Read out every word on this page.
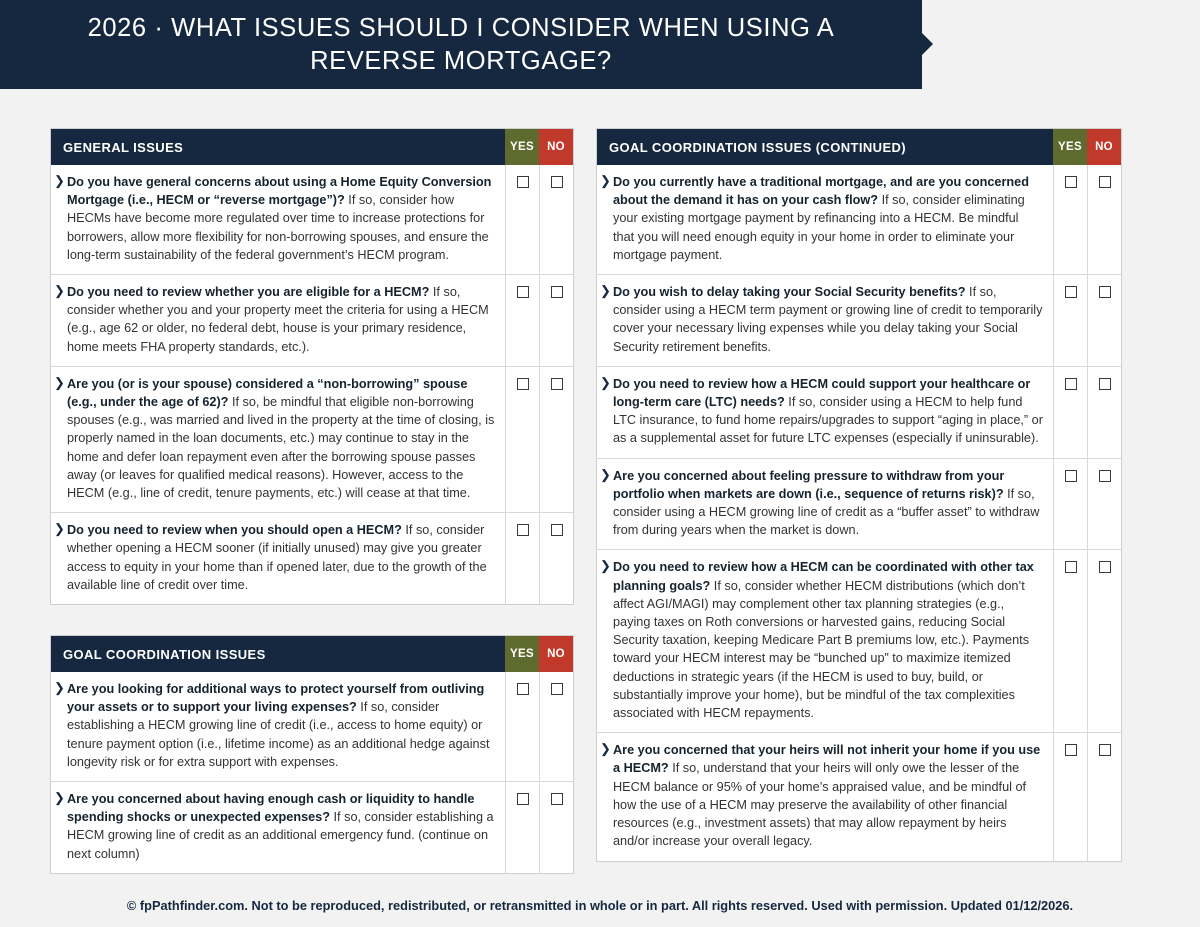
2026 · WHAT ISSUES SHOULD I CONSIDER WHEN USING A REVERSE MORTGAGE?
GENERAL ISSUES	YES	NO
❯ Do you have general concerns about using a Home Equity Conversion Mortgage (i.e., HECM or “reverse mortgage”)? If so, consider how HECMs have become more regulated over time to increase protections for borrowers, allow more flexibility for non-borrowing spouses, and ensure the long-term sustainability of the federal government’s HECM program.
❯ Do you need to review whether you are eligible for a HECM? If so, consider whether you and your property meet the criteria for using a HECM (e.g., age 62 or older, no federal debt, house is your primary residence, home meets FHA property standards, etc.).
❯ Are you (or is your spouse) considered a “non-borrowing” spouse (e.g., under the age of 62)? If so, be mindful that eligible non-borrowing spouses (e.g., was married and lived in the property at the time of closing, is properly named in the loan documents, etc.) may continue to stay in the home and defer loan repayment even after the borrowing spouse passes away (or leaves for qualified medical reasons). However, access to the HECM (e.g., line of credit, tenure payments, etc.) will cease at that time.
❯ Do you need to review when you should open a HECM? If so, consider whether opening a HECM sooner (if initially unused) may give you greater access to equity in your home than if opened later, due to the growth of the available line of credit over time.
GOAL COORDINATION ISSUES	YES	NO
❯ Are you looking for additional ways to protect yourself from outliving your assets or to support your living expenses? If so, consider establishing a HECM growing line of credit (i.e., access to home equity) or tenure payment option (i.e., lifetime income) as an additional hedge against longevity risk or for extra support with expenses.
❯ Are you concerned about having enough cash or liquidity to handle spending shocks or unexpected expenses? If so, consider establishing a HECM growing line of credit as an additional emergency fund. (continue on next column)
GOAL COORDINATION ISSUES (CONTINUED)	YES	NO
❯ Do you currently have a traditional mortgage, and are you concerned about the demand it has on your cash flow? If so, consider eliminating your existing mortgage payment by refinancing into a HECM. Be mindful that you will need enough equity in your home in order to eliminate your mortgage payment.
❯ Do you wish to delay taking your Social Security benefits? If so, consider using a HECM term payment or growing line of credit to temporarily cover your necessary living expenses while you delay taking your Social Security retirement benefits.
❯ Do you need to review how a HECM could support your healthcare or long-term care (LTC) needs? If so, consider using a HECM to help fund LTC insurance, to fund home repairs/upgrades to support “aging in place,” or as a supplemental asset for future LTC expenses (especially if uninsurable).
❯ Are you concerned about feeling pressure to withdraw from your portfolio when markets are down (i.e., sequence of returns risk)? If so, consider using a HECM growing line of credit as a “buffer asset” to withdraw from during years when the market is down.
❯ Do you need to review how a HECM can be coordinated with other tax planning goals? If so, consider whether HECM distributions (which don’t affect AGI/MAGI) may complement other tax planning strategies (e.g., paying taxes on Roth conversions or harvested gains, reducing Social Security taxation, keeping Medicare Part B premiums low, etc.). Payments toward your HECM interest may be “bunched up” to maximize itemized deductions in strategic years (if the HECM is used to buy, build, or substantially improve your home), but be mindful of the tax complexities associated with HECM repayments.
❯ Are you concerned that your heirs will not inherit your home if you use a HECM? If so, understand that your heirs will only owe the lesser of the HECM balance or 95% of your home’s appraised value, and be mindful of how the use of a HECM may preserve the availability of other financial resources (e.g., investment assets) that may allow repayment by heirs and/or increase your overall legacy.
© fpPathfinder.com. Not to be reproduced, redistributed, or retransmitted in whole or in part. All rights reserved. Used with permission. Updated 01/12/2026.
